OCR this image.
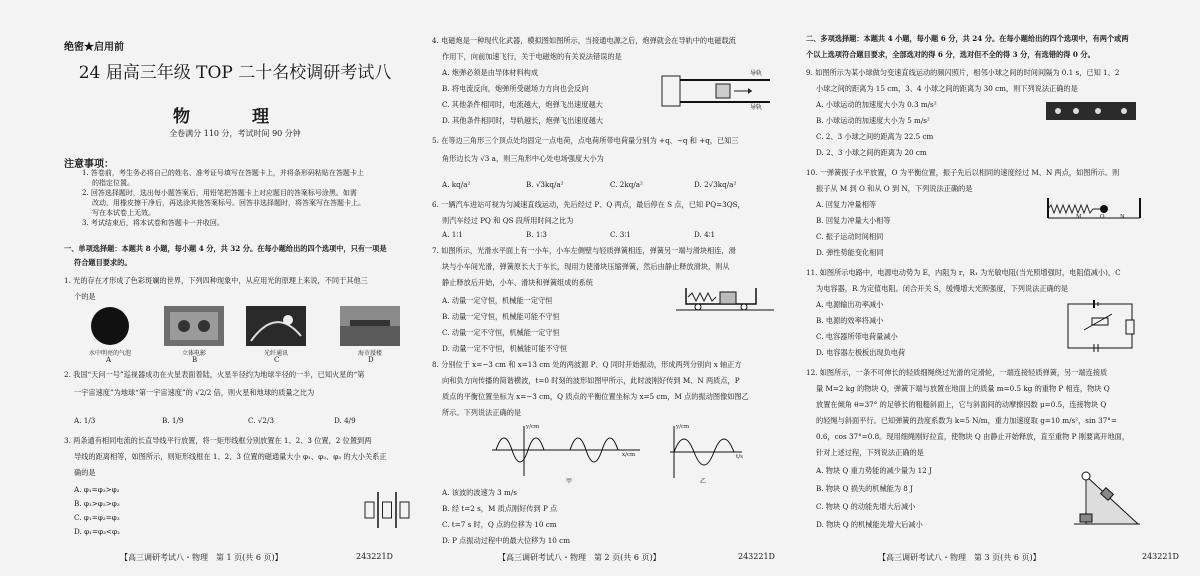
绝密★启用前
24 届高三年级 TOP 二十名校调研考试八
物 理
全卷满分 110 分，考试时间 90 分钟
注意事项：
1. 答卷前，考生务必将自己的姓名、准考证号填写在答题卡上，并将条形码粘贴在答题卡上
的指定位置。
2. 回答选择题时，选出每小题答案后，用铅笔把答题卡上对应题目的答案标号涂黑。如需
改动，用橡皮擦干净后，再选涂其他答案标号。回答非选择题时，将答案写在答题卡上。
写在本试卷上无效。
3. 考试结束后，将本试卷和答题卡一并收回。
一、单项选择题：本题共 8 小题，每小题 4 分，共 32 分。在每小题给出的四个选项中，只有一项是
符合题目要求的。
1. 光的存在才形成了色彩斑斓的世界，下列四种现象中，从应用光的原理上来说，不同于其他三
个的是
水中明亮的气泡	立体电影	光纤通讯	海市蜃楼
A	B	C	D
2. 我国“天问一号”巡视器成功在火星表面着陆，火星半径约为地球半径的一半，已知火星的“第
一宇宙速度”为地球“第一宇宙速度”的 √2/2 倍，则火星和地球的质量之比为
A. 1/3	B. 1/9	C. √2/3	D. 4/9
3. 两条通有相同电流的长直导线平行放置，将一矩形线框分别放置在 1、2、3 位置，2 位置到两
导线的距离相等，如图所示，则矩形线框在 1、2、3 位置的磁通量大小 φ₁、φ₂、φ₃ 的大小关系正
确的是
A. φ₁=φ₃>φ₂
B. φ₁>φ₂>φ₃
C. φ₁=φ₂=φ₃
D. φ₁=φ₃<φ₂
【高三调研考试八・物理　第 1 页(共 6 页)】	243221D
4. 电磁炮是一种现代化武器，模拟图如图所示，当接通电源之后，炮弹就会在导轨中的电磁载流
作用下，向前加速飞行，关于电磁炮的有关说法错误的是
A. 炮弹必须是由导体材料构成
B. 将电流反向，炮弹所受磁场力方向也会反向
C. 其他条件相同时，电流越大，炮弹飞出速度越大
D. 其他条件相同时，导轨越长，炮弹飞出速度越大
导轨
导轨
5. 在等边三角形三个顶点处均固定一点电荷，点电荷所带电荷量分别为 +q、−q 和 +q，已知三
角形边长为 √3 a，则三角形中心处电场强度大小为
A. kq/a²	B. √3kq/a²	C. 2kq/a²	D. 2√3kq/a²
6. 一辆汽车进站可视为匀减速直线运动，先后经过 P、Q 两点，最后停在 S 点，已知 PQ=3QS，
则汽车经过 PQ 和 QS 段所用时间之比为
A. 1∶1	B. 1∶3	C. 3∶1	D. 4∶1
7. 如图所示，光滑水平面上有一小车，小车左侧壁与轻质弹簧相连，弹簧另一端与滑块相连，滑
块与小车间光滑，弹簧原长大于车长，现用力使滑块压缩弹簧，然后由静止释放滑块，则从
静止释放后开始，小车、滑块和弹簧组成的系统
A. 动量一定守恒，机械能一定守恒
B. 动量一定守恒，机械能可能不守恒
C. 动量一定不守恒，机械能一定守恒
D. 动量一定不守恒，机械能可能不守恒
8. 分别位于 x=−3 cm 和 x=13 cm 处的两波源 P、Q 同时开始振动，形成两列分别向 x 轴正方
向和负方向传播的简谐横波，t=0 时刻的波形如图甲所示，此时波刚好传到 M、N 两质点，P
质点的平衡位置坐标为 x=−3 cm，Q 质点的平衡位置坐标为 x=5 cm，M 点的振动图像如图乙
所示。下列说法正确的是
y/cm
x/cm
甲
y/cm
t/s
乙
A. 该波的波速为 3 m/s
B. 经 t=2 s，M 质点刚好传到 P 点
C. t=7 s 时，Q 点的位移为 10 cm
D. P 点振动过程中的最大位移为 10 cm
【高三调研考试八・物理　第 2 页(共 6 页)】	243221D
二、多项选择题：本题共 4 小题，每小题 6 分，共 24 分。在每小题给出的四个选项中，有两个或两
个以上选项符合题目要求，全部选对的得 6 分，选对但不全的得 3 分，有选错的得 0 分。
9. 如图所示为某小球做匀变速直线运动的频闪照片，相邻小球之间的时间间隔为 0.1 s，已知 1、2
小球之间的距离为 15 cm，3、4 小球之间的距离为 30 cm，则下列说法正确的是
A. 小球运动的加速度大小为 0.3 m/s²
B. 小球运动的加速度大小为 5 m/s²
C. 2、3 小球之间的距离为 22.5 cm
D. 2、3 小球之间的距离为 20 cm
10. 一弹簧振子水平放置，O 为平衡位置，振子先后以相同的速度经过 M、N 两点，如图所示。则
振子从 M 到 O 和从 O 到 N，下列说法正确的是
A. 回复力冲量相等
B. 回复力冲量大小相等
C. 振子运动时间相同
D. 弹性势能变化相同
M	O	N
11. 如图所示电路中，电源电动势为 E，内阻为 r，R₁ 为光敏电阻(当光照增强时，电阻值减小)，C
为电容器，R 为定值电阻。闭合开关 S，缓慢增大光照强度，下列说法正确的是
A. 电源输出功率减小
B. 电源的效率将减小
C. 电容器所带电荷量减小
D. 电容器左极板出现负电荷
12. 如图所示，一条不可伸长的轻质细绳绕过光滑的定滑轮，一端连接轻质弹簧，另一端连接质
量 M=2 kg 的物块 Q，弹簧下端与放置在地面上的质量 m=0.5 kg 的重物 P 相连，物块 Q
放置在倾角 θ=37° 的足够长的粗糙斜面上，它与斜面间的动摩擦因数 μ=0.5，连接物块 Q
的轻绳与斜面平行。已知弹簧的劲度系数为 k=5 N/m，重力加速度取 g=10 m/s²，sin 37°=
0.6，cos 37°=0.8。现用细绳刚好拉直，使物块 Q 由静止开始释放，直至重物 P 刚要离开地面，
针对上述过程，下列说法正确的是
A. 物块 Q 重力势能的减少量为 12 J
B. 物块 Q 损失的机械能为 8 J
C. 物块 Q 的动能先增大后减小
D. 物块 Q 的机械能先增大后减小
【高三调研考试八・物理　第 3 页(共 6 页)】	243221D
